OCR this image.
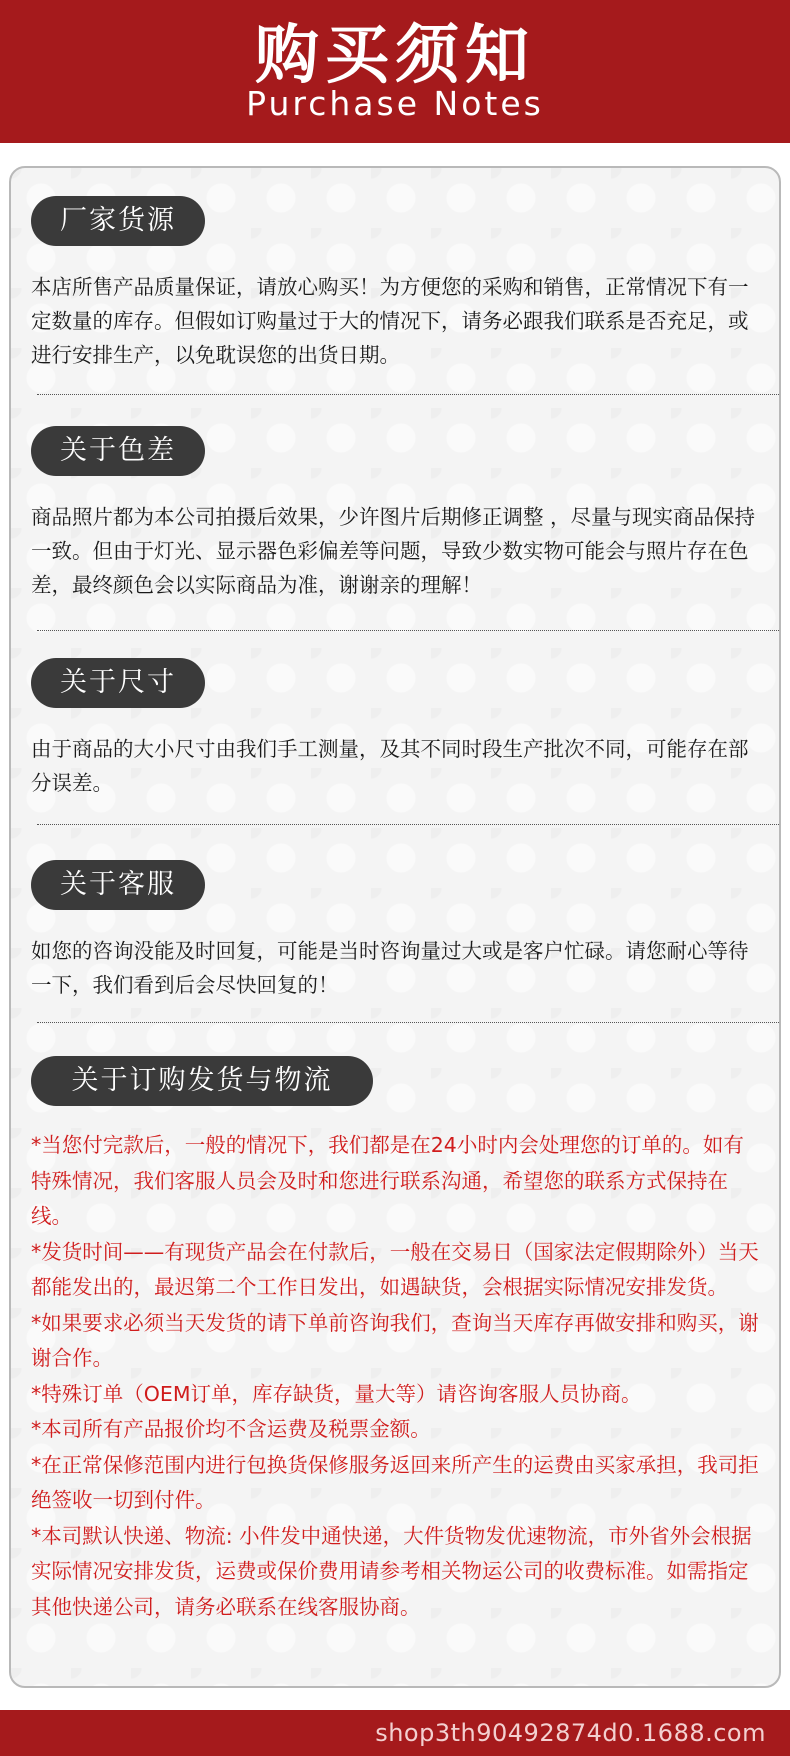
购买须知
Purchase Notes
厂家货源
本店所售产品质量保证，请放心购买！为方便您的采购和销售，正常情况下有一定数量的库存。但假如订购量过于大的情况下，请务必跟我们联系是否充足，或进行安排生产，以免耽误您的出货日期。
关于色差
商品照片都为本公司拍摄后效果，少许图片后期修正调整 ，尽量与现实商品保持一致。但由于灯光、显示器色彩偏差等问题，导致少数实物可能会与照片存在色差，最终颜色会以实际商品为准，谢谢亲的理解！
关于尺寸
由于商品的大小尺寸由我们手工测量，及其不同时段生产批次不同，可能存在部分误差。
关于客服
如您的咨询没能及时回复，可能是当时咨询量过大或是客户忙碌。请您耐心等待一下，我们看到后会尽快回复的！
关于订购发货与物流
*当您付完款后，一般的情况下，我们都是在24小时内会处理您的订单的。如有特殊情况，我们客服人员会及时和您进行联系沟通，希望您的联系方式保持在线。
*发货时间——有现货产品会在付款后，一般在交易日（国家法定假期除外）当天都能发出的，最迟第二个工作日发出，如遇缺货，会根据实际情况安排发货。
*如果要求必须当天发货的请下单前咨询我们，查询当天库存再做安排和购买，谢谢合作。
*特殊订单（OEM订单，库存缺货，量大等）请咨询客服人员协商。
*本司所有产品报价均不含运费及税票金额。
*在正常保修范围内进行包换货保修服务返回来所产生的运费由买家承担，我司拒绝签收一切到付件。
*本司默认快递、物流: 小件发中通快递，大件货物发优速物流，市外省外会根据实际情况安排发货，运费或保价费用请参考相关物运公司的收费标准。如需指定其他快递公司，请务必联系在线客服协商。
shop3th90492874d0.1688.com
